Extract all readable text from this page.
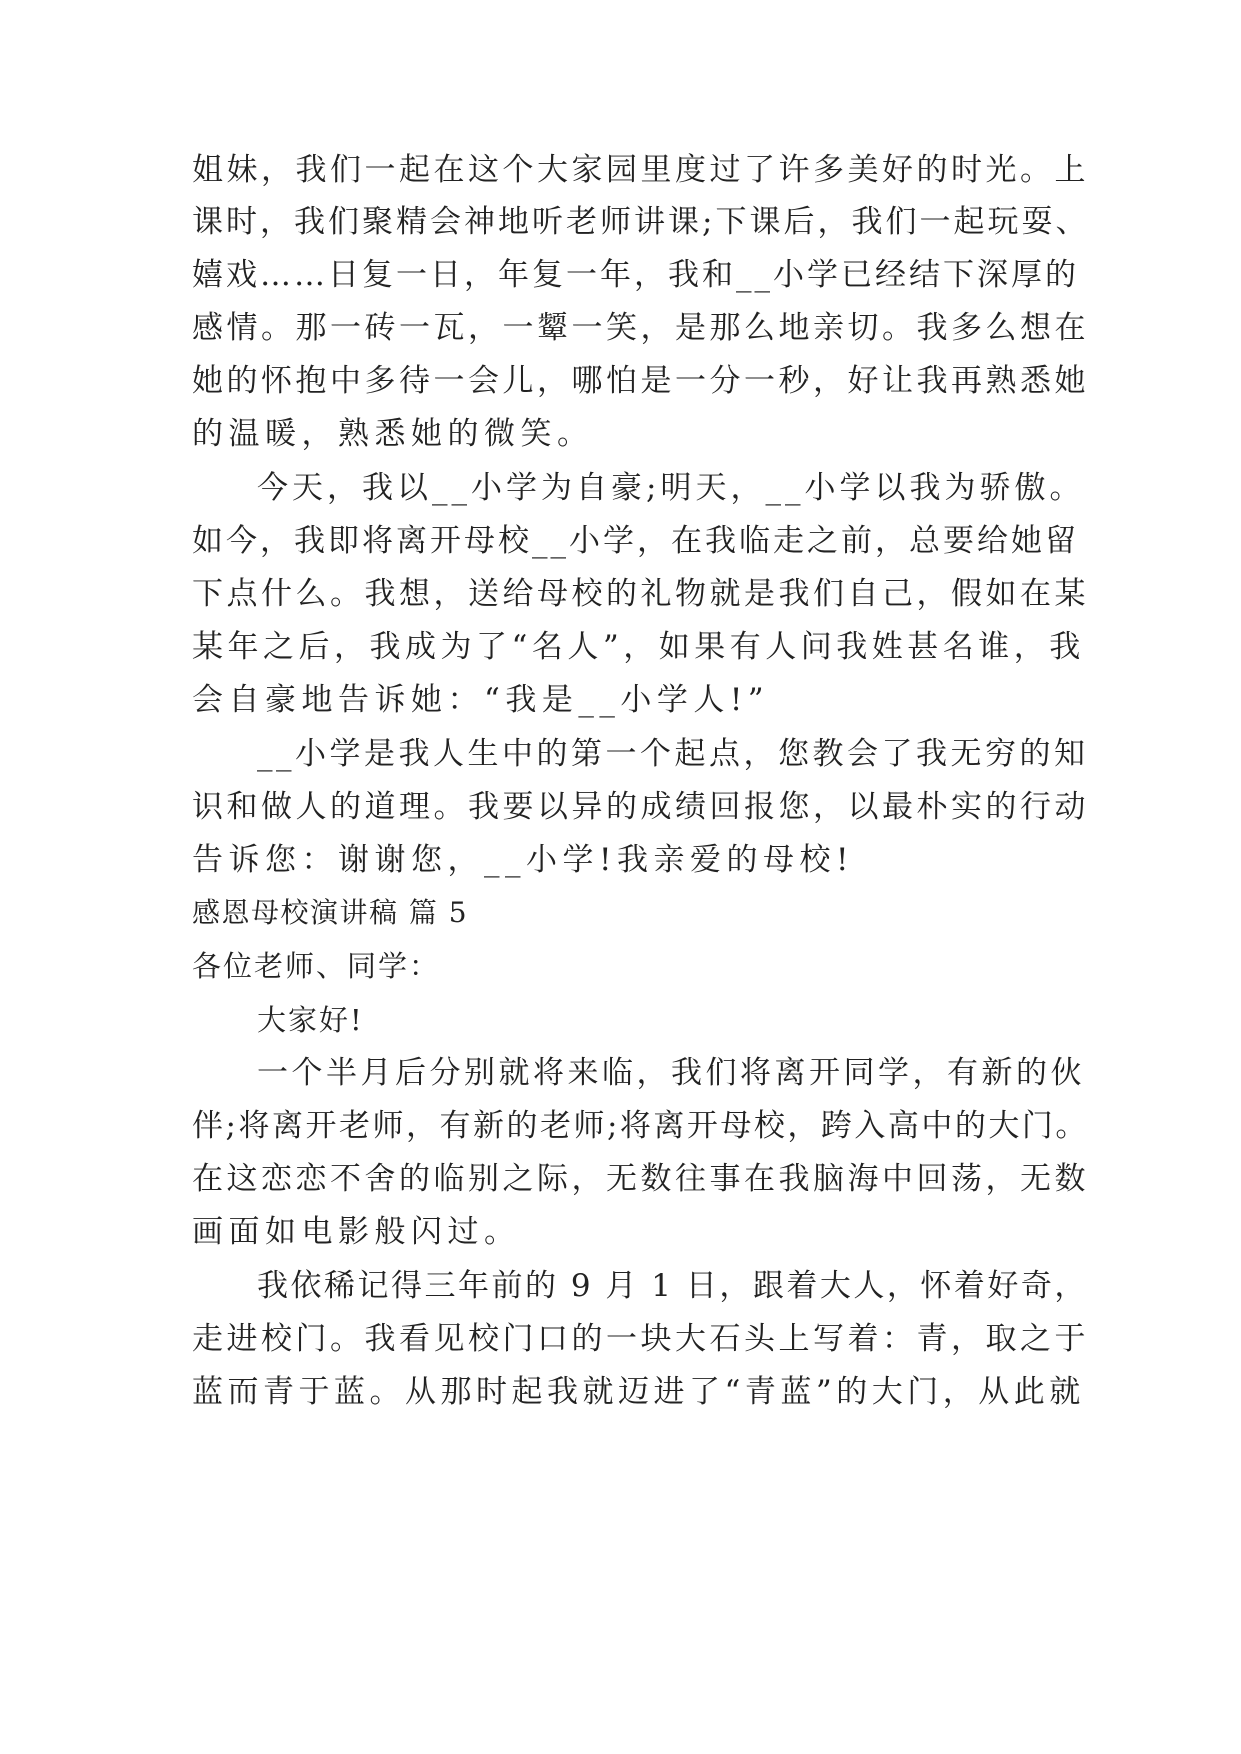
姐妹，我们一起在这个大家园里度过了许多美好的时光。上

课时，我们聚精会神地听老师讲课;下课后，我们一起玩耍、

嬉戏……日复一日，年复一年，我和__小学已经结下深厚的

感情。那一砖一瓦，一颦一笑，是那么地亲切。我多么想在

她的怀抱中多待一会儿，哪怕是一分一秒，好让我再熟悉她

的温暖，熟悉她的微笑。

今天，我以__小学为自豪;明天，__小学以我为骄傲。

如今，我即将离开母校__小学，在我临走之前，总要给她留

下点什么。我想，送给母校的礼物就是我们自己，假如在某

某年之后，我成为了“名人”，如果有人问我姓甚名谁，我

会自豪地告诉她：“我是__小学人!”

__小学是我人生中的第一个起点，您教会了我无穷的知

识和做人的道理。我要以异的成绩回报您，以最朴实的行动

告诉您：谢谢您，__小学!我亲爱的母校!

感恩母校演讲稿 篇 5

各位老师、同学：

大家好!

一个半月后分别就将来临，我们将离开同学，有新的伙

伴;将离开老师，有新的老师;将离开母校，跨入高中的大门。

在这恋恋不舍的临别之际，无数往事在我脑海中回荡，无数

画面如电影般闪过。

我依稀记得三年前的 9 月 1 日，跟着大人，怀着好奇，

走进校门。我看见校门口的一块大石头上写着：青，取之于

蓝而青于蓝。从那时起我就迈进了“青蓝”的大门，从此就
